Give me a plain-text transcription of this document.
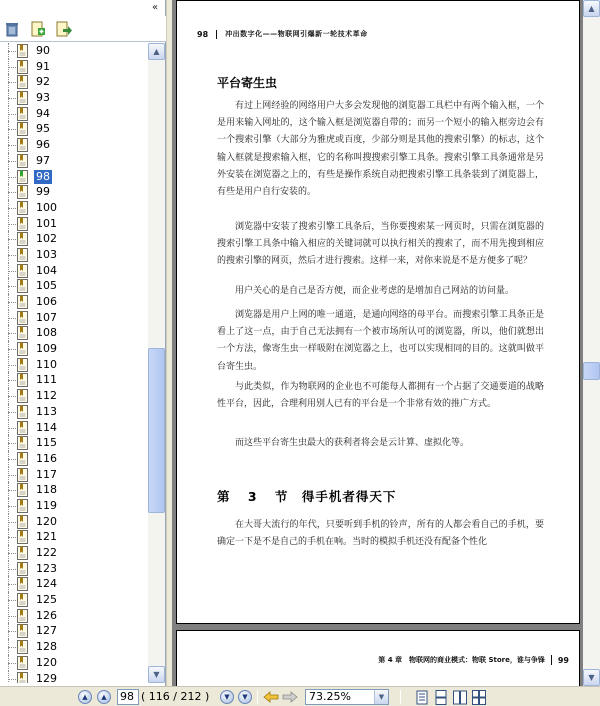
«
90
91
92
93
94
95
96
97
98
99
100
101
102
103
104
105
106
107
108
109
110
111
112
113
114
115
116
117
118
119
120
121
122
123
124
125
126
127
128
120
129
▲
▼
98 冲出数字化——物联网引爆新一轮技术革命
平台寄生虫
有过上网经验的网络用户大多会发现他的浏览器工具栏中有两个输入框，一个是用来输入网址的，这个输入框是浏览器自带的；而另一个短小的输入框旁边会有一个搜索引擎（大部分为雅虎或百度，少部分则是其他的搜索引擎）的标志，这个输入框就是搜索输入框，它的名称叫搜搜索引擎工具条。搜索引擎工具条通常是另外安装在浏览器之上的，有些是操作系统自动把搜索引擎工具条装到了浏览器上，有些是用户自行安装的。
浏览器中安装了搜索引擎工具条后，当你要搜索某一网页时，只需在浏览器的搜索引擎工具条中输入相应的关键词就可以执行相关的搜索了，而不用先搜到相应的搜索引擎的网页，然后才进行搜索。这样一来，对你来说是不是方便多了呢？
用户关心的是自己是否方便，而企业考虑的是增加自己网站的访问量。
浏览器是用户上网的唯一通道，是通向网络的母平台。而搜索引擎工具条正是看上了这一点，由于自己无法拥有一个被市场所认可的浏览器，所以，他们就想出一个方法，像寄生虫一样吸附在浏览器之上，也可以实现相同的目的。这就叫做平台寄生虫。
与此类似，作为物联网的企业也不可能每人都拥有一个占据了交通要道的战略性平台，因此，合理利用别人已有的平台是一个非常有效的推广方式。
而这些平台寄生虫最大的获利者将会是云计算、虚拟化等。
第 3 节　得手机者得天下
在大哥大流行的年代，只要听到手机的铃声，所有的人都会看自己的手机，要确定一下是不是自己的手机在响。当时的模拟手机还没有配备个性化
第 4 章　物联网的商业模式：物联 Store，谁与争锋 99
▲
▼
▲	▲	98 ( 116 / 212 )	▼	▼	73.25%	▼
